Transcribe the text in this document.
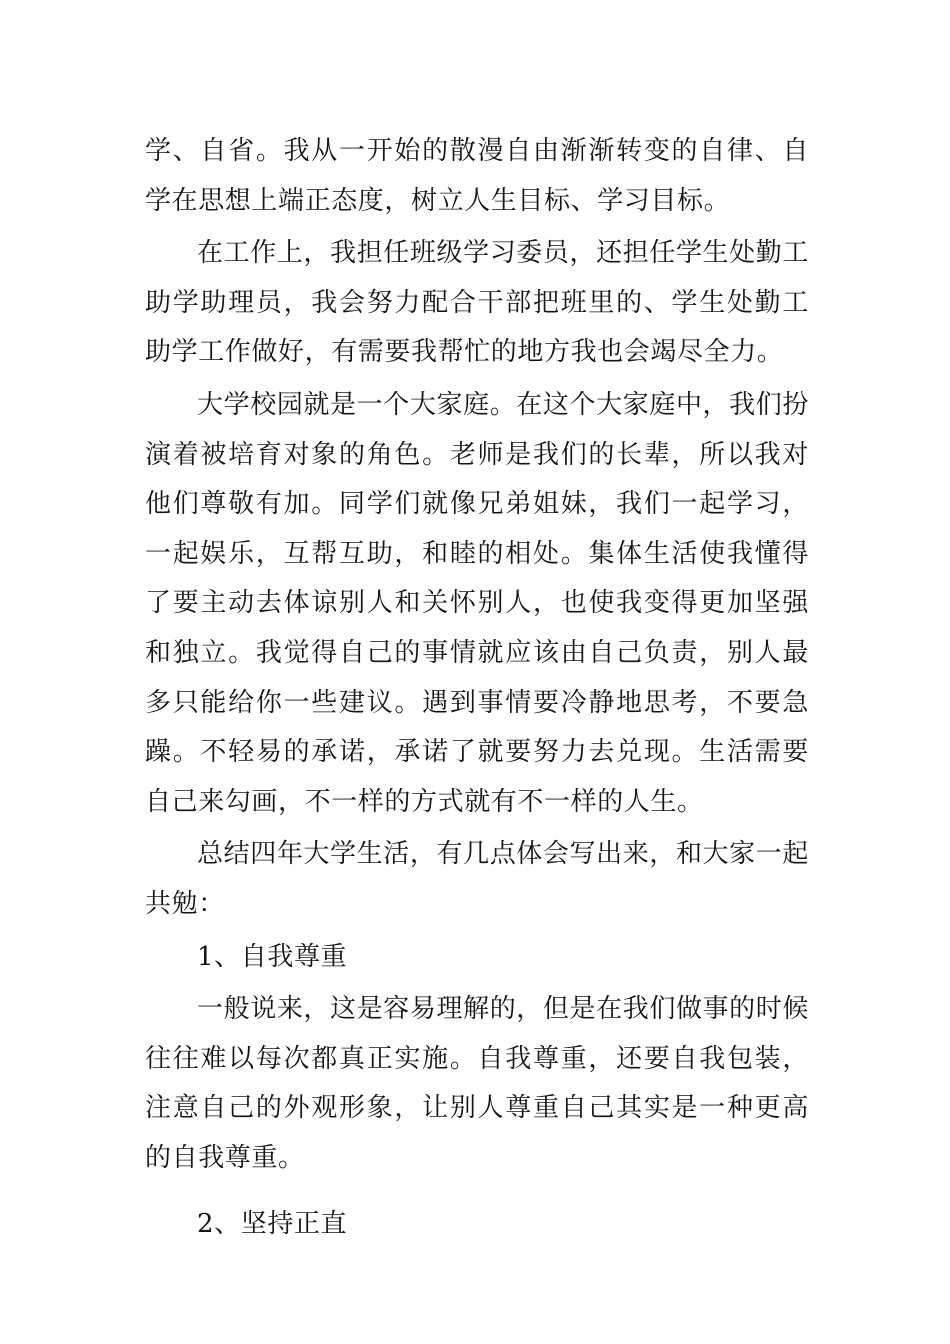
学、自省。我从一开始的散漫自由渐渐转变的自律、自学在思想上端正态度，树立人生目标、学习目标。

在工作上，我担任班级学习委员，还担任学生处勤工助学助理员，我会努力配合干部把班里的、学生处勤工助学工作做好，有需要我帮忙的地方我也会竭尽全力。

大学校园就是一个大家庭。在这个大家庭中，我们扮演着被培育对象的角色。老师是我们的长辈，所以我对他们尊敬有加。同学们就像兄弟姐妹，我们一起学习，一起娱乐，互帮互助，和睦的相处。集体生活使我懂得了要主动去体谅别人和关怀别人，也使我变得更加坚强和独立。我觉得自己的事情就应该由自己负责，别人最多只能给你一些建议。遇到事情要冷静地思考，不要急躁。不轻易的承诺，承诺了就要努力去兑现。生活需要自己来勾画，不一样的方式就有不一样的人生。

总结四年大学生活，有几点体会写出来，和大家一起共勉：

1、自我尊重

一般说来，这是容易理解的，但是在我们做事的时候往往难以每次都真正实施。自我尊重，还要自我包装，注意自己的外观形象，让别人尊重自己其实是一种更高的自我尊重。

2、坚持正直
